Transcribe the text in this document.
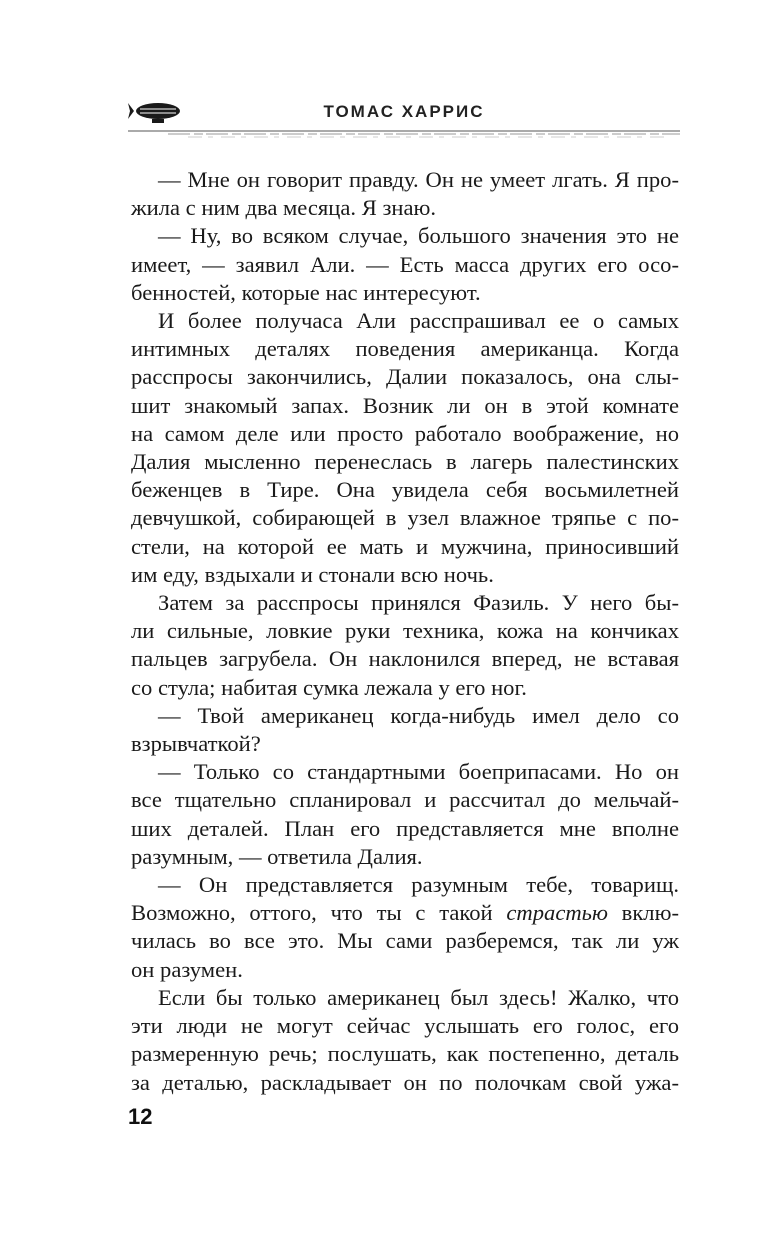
ТОМАС ХАРРИС
— Мне он говорит правду. Он не умеет лгать. Я про-
жила с ним два месяца. Я знаю.
— Ну, во всяком случае, большого значения это не
имеет, — заявил Али. — Есть масса других его осо-
бенностей, которые нас интересуют.
И более получаса Али расспрашивал ее о самых
интимных деталях поведения американца. Когда
расспросы закончились, Далии показалось, она слы-
шит знакомый запах. Возник ли он в этой комнате
на самом деле или просто работало воображение, но
Далия мысленно перенеслась в лагерь палестинских
беженцев в Тире. Она увидела себя восьмилетней
девчушкой, собирающей в узел влажное тряпье с по-
стели, на которой ее мать и мужчина, приносивший
им еду, вздыхали и стонали всю ночь.
Затем за расспросы принялся Фазиль. У него бы-
ли сильные, ловкие руки техника, кожа на кончиках
пальцев загрубела. Он наклонился вперед, не вставая
со стула; набитая сумка лежала у его ног.
— Твой американец когда-нибудь имел дело со
взрывчаткой?
— Только со стандартными боеприпасами. Но он
все тщательно спланировал и рассчитал до мельчай-
ших деталей. План его представляется мне вполне
разумным, — ответила Далия.
— Он представляется разумным тебе, товарищ.
Возможно, оттого, что ты с такой страстью вклю-
чилась во все это. Мы сами разберемся, так ли уж
он разумен.
Если бы только американец был здесь! Жалко, что
эти люди не могут сейчас услышать его голос, его
размеренную речь; послушать, как постепенно, деталь
за деталью, раскладывает он по полочкам свой ужа-
12
